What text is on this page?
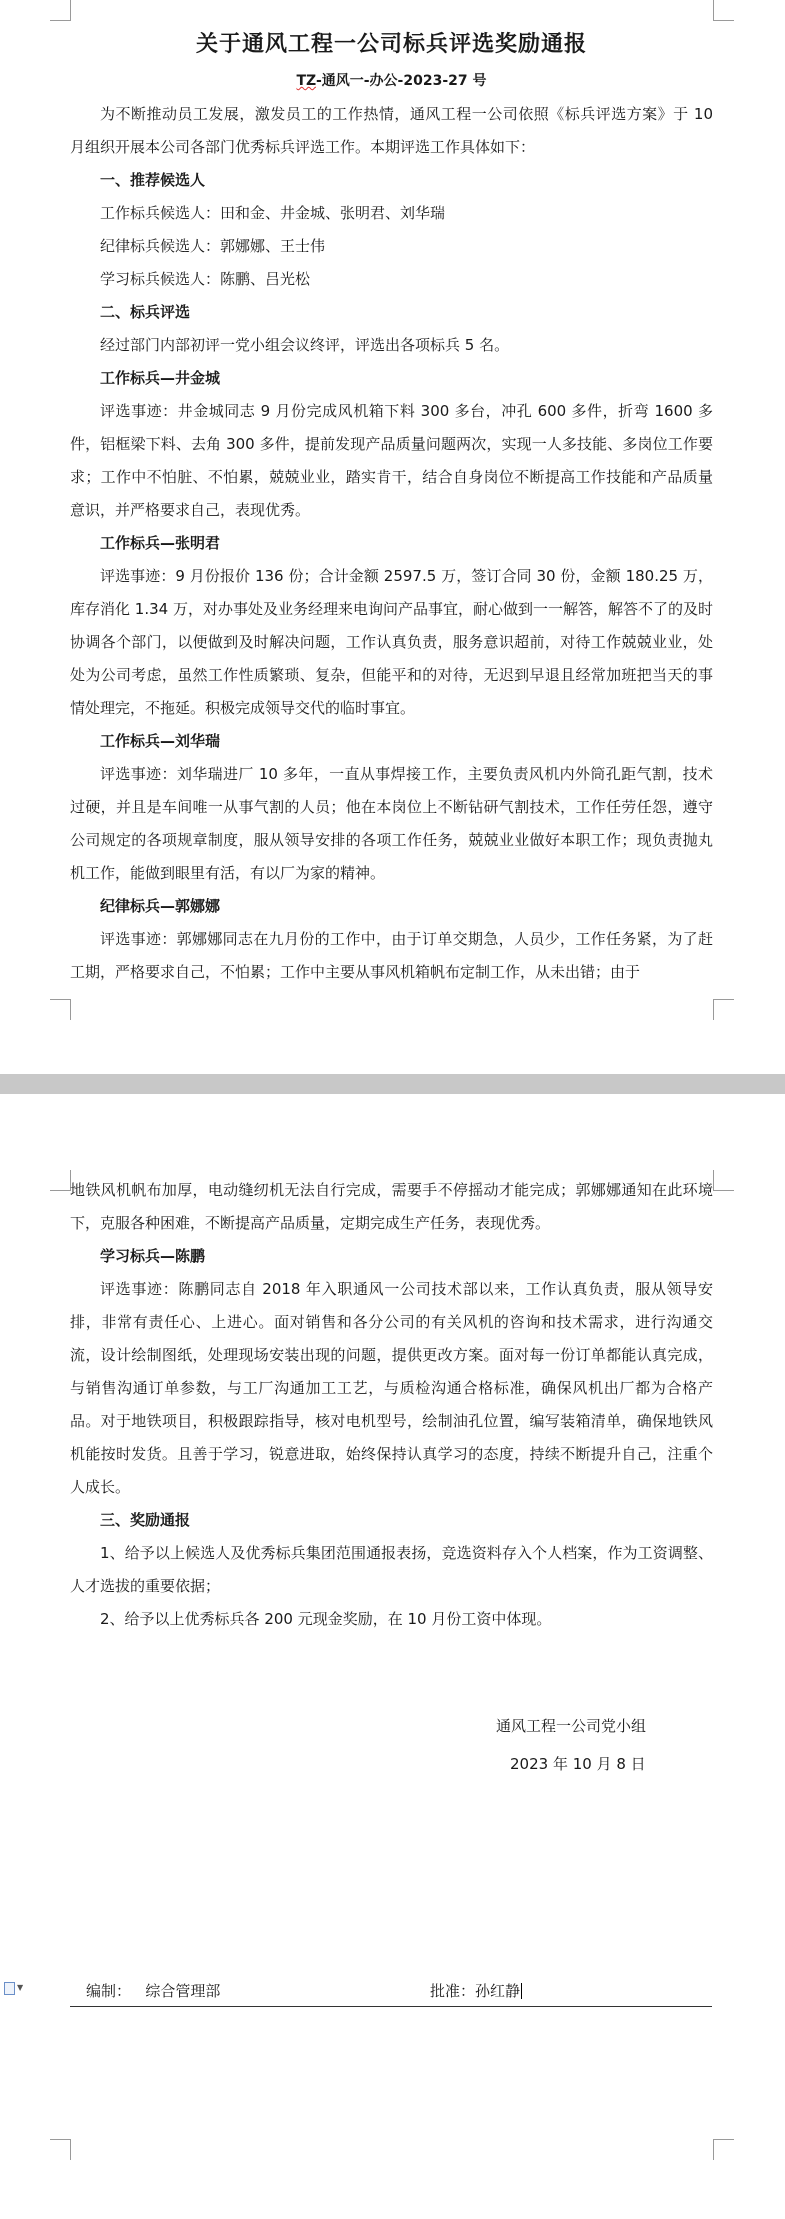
关于通风工程一公司标兵评选奖励通报

TZ-通风一-办公-2023-27 号

为不断推动员工发展，激发员工的工作热情，通风工程一公司依照《标兵评选方案》于 10 月组织开展本公司各部门优秀标兵评选工作。本期评选工作具体如下：

一、推荐候选人

工作标兵候选人：田和金、井金城、张明君、刘华瑞

纪律标兵候选人：郭娜娜、王士伟

学习标兵候选人：陈鹏、吕光松

二、标兵评选

经过部门内部初评一党小组会议终评，评选出各项标兵 5 名。

工作标兵—井金城

评选事迹：井金城同志 9 月份完成风机箱下料 300 多台，冲孔 600 多件，折弯 1600 多件，铝框梁下料、去角 300 多件，提前发现产品质量问题两次，实现一人多技能、多岗位工作要求；工作中不怕脏、不怕累，兢兢业业，踏实肯干，结合自身岗位不断提高工作技能和产品质量意识，并严格要求自己，表现优秀。

工作标兵—张明君

评选事迹：9 月份报价 136 份；合计金额 2597.5 万，签订合同 30 份，金额 180.25 万，库存消化 1.34 万，对办事处及业务经理来电询问产品事宜，耐心做到一一解答，解答不了的及时协调各个部门，以便做到及时解决问题，工作认真负责，服务意识超前，对待工作兢兢业业，处处为公司考虑，虽然工作性质繁琐、复杂，但能平和的对待，无迟到早退且经常加班把当天的事情处理完，不拖延。积极完成领导交代的临时事宜。

工作标兵—刘华瑞

评选事迹：刘华瑞进厂 10 多年，一直从事焊接工作，主要负责风机内外筒孔距气割，技术过硬，并且是车间唯一从事气割的人员；他在本岗位上不断钻研气割技术，工作任劳任怨，遵守公司规定的各项规章制度，服从领导安排的各项工作任务，兢兢业业做好本职工作；现负责抛丸机工作，能做到眼里有活，有以厂为家的精神。

纪律标兵—郭娜娜

评选事迹：郭娜娜同志在九月份的工作中，由于订单交期急，人员少，工作任务紧，为了赶工期，严格要求自己，不怕累；工作中主要从事风机箱帆布定制工作，从未出错；由于

地铁风机帆布加厚，电动缝纫机无法自行完成，需要手不停摇动才能完成；郭娜娜通知在此环境下，克服各种困难，不断提高产品质量，定期完成生产任务，表现优秀。

学习标兵—陈鹏

评选事迹：陈鹏同志自 2018 年入职通风一公司技术部以来，工作认真负责，服从领导安排，非常有责任心、上进心。面对销售和各分公司的有关风机的咨询和技术需求，进行沟通交流，设计绘制图纸，处理现场安装出现的问题，提供更改方案。面对每一份订单都能认真完成，与销售沟通订单参数，与工厂沟通加工工艺，与质检沟通合格标准，确保风机出厂都为合格产品。对于地铁项目，积极跟踪指导，核对电机型号，绘制油孔位置，编写装箱清单，确保地铁风机能按时发货。且善于学习，锐意进取，始终保持认真学习的态度，持续不断提升自己，注重个人成长。

三、奖励通报

1、给予以上候选人及优秀标兵集团范围通报表扬，竞选资料存入个人档案，作为工资调整、人才选拔的重要依据；

2、给予以上优秀标兵各 200 元现金奖励，在 10 月份工资中体现。

通风工程一公司党小组
2023 年 10 月 8 日
▼	编制： 综合管理部	批准：孙红静
